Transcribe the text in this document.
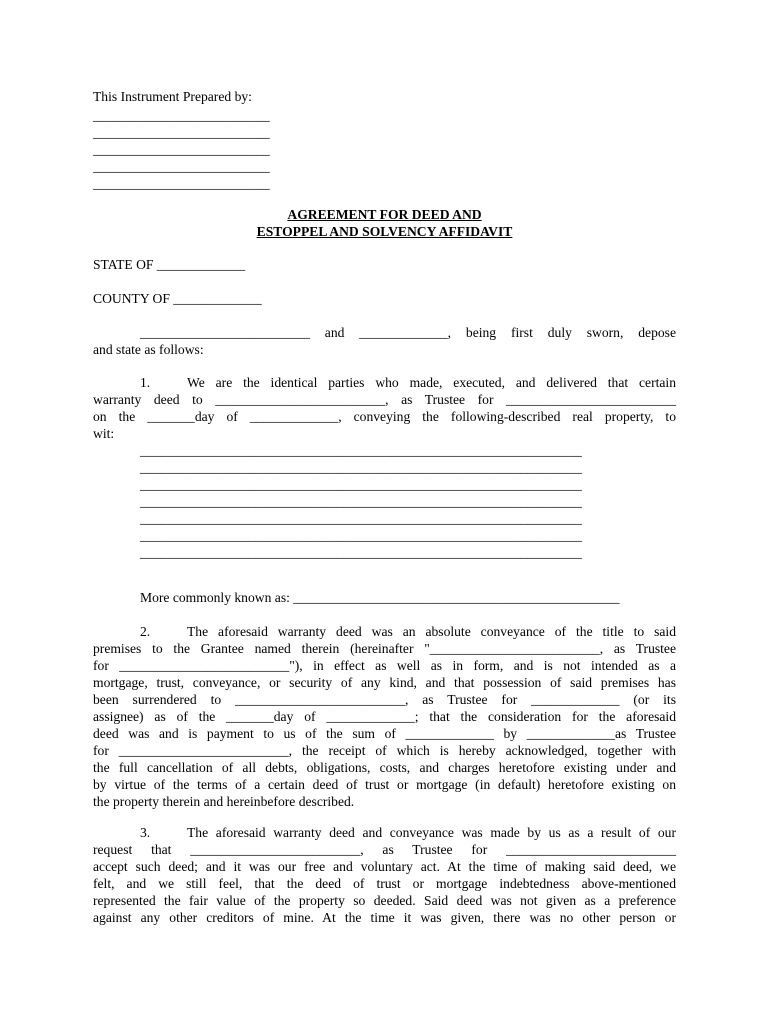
This Instrument Prepared by:
__________________________
__________________________
__________________________
__________________________
__________________________
AGREEMENT FOR DEED AND
ESTOPPEL AND SOLVENCY AFFIDAVIT
STATE OF _____________
COUNTY OF _____________
_________________________ and _____________, being first duly sworn, depose
and state as follows:
1.	We are the identical parties who made, executed, and delivered that certain
warranty deed to _________________________, as Trustee for _________________________
on the _______day of _____________, conveying the following-described real property, to
wit:
_________________________________________________________________
_________________________________________________________________
_________________________________________________________________
_________________________________________________________________
_________________________________________________________________
_________________________________________________________________
_________________________________________________________________
More commonly known as: ________________________________________________
2.	The aforesaid warranty deed was an absolute conveyance of the title to said
premises to the Grantee named therein (hereinafter "_________________________, as Trustee
for _________________________"), in effect as well as in form, and is not intended as a
mortgage, trust, conveyance, or security of any kind, and that possession of said premises has
been surrendered to _________________________, as Trustee for _____________ (or its
assignee) as of the _______day of _____________; that the consideration for the aforesaid
deed was and is payment to us of the sum of _____________ by _____________as Trustee
for _________________________, the receipt of which is hereby acknowledged, together with
the full cancellation of all debts, obligations, costs, and charges heretofore existing under and
by virtue of the terms of a certain deed of trust or mortgage (in default) heretofore existing on
the property therein and hereinbefore described.
3.	The aforesaid warranty deed and conveyance was made by us as a result of our
request that _________________________, as Trustee for _________________________
accept such deed; and it was our free and voluntary act. At the time of making said deed, we
felt, and we still feel, that the deed of trust or mortgage indebtedness above-mentioned
represented the fair value of the property so deeded. Said deed was not given as a preference
against any other creditors of mine. At the time it was given, there was no other person or
